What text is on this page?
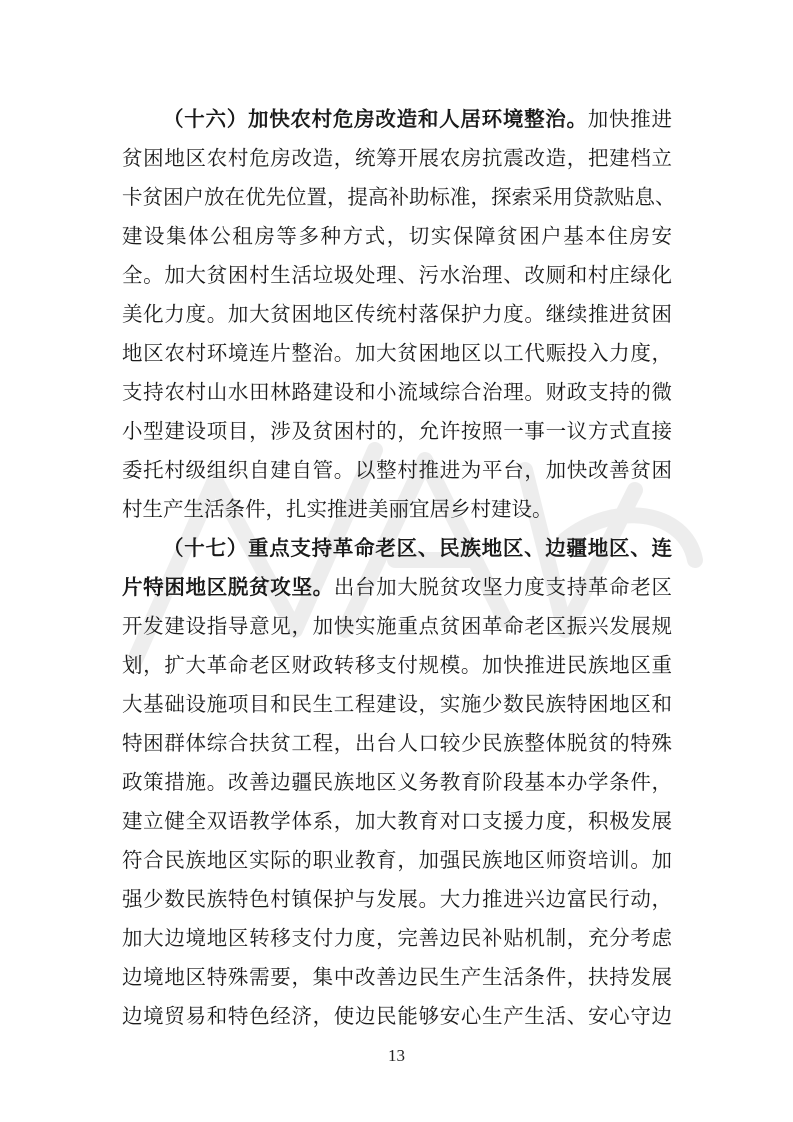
（十六）加快农村危房改造和人居环境整治。加快推进
贫困地区农村危房改造，统筹开展农房抗震改造，把建档立
卡贫困户放在优先位置，提高补助标准，探索采用贷款贴息、
建设集体公租房等多种方式，切实保障贫困户基本住房安
全。加大贫困村生活垃圾处理、污水治理、改厕和村庄绿化
美化力度。加大贫困地区传统村落保护力度。继续推进贫困
地区农村环境连片整治。加大贫困地区以工代赈投入力度，
支持农村山水田林路建设和小流域综合治理。财政支持的微
小型建设项目，涉及贫困村的，允许按照一事一议方式直接
委托村级组织自建自管。以整村推进为平台，加快改善贫困
村生产生活条件，扎实推进美丽宜居乡村建设。
（十七）重点支持革命老区、民族地区、边疆地区、连
片特困地区脱贫攻坚。出台加大脱贫攻坚力度支持革命老区
开发建设指导意见，加快实施重点贫困革命老区振兴发展规
划，扩大革命老区财政转移支付规模。加快推进民族地区重
大基础设施项目和民生工程建设，实施少数民族特困地区和
特困群体综合扶贫工程，出台人口较少民族整体脱贫的特殊
政策措施。改善边疆民族地区义务教育阶段基本办学条件，
建立健全双语教学体系，加大教育对口支援力度，积极发展
符合民族地区实际的职业教育，加强民族地区师资培训。加
强少数民族特色村镇保护与发展。大力推进兴边富民行动，
加大边境地区转移支付力度，完善边民补贴机制，充分考虑
边境地区特殊需要，集中改善边民生产生活条件，扶持发展
边境贸易和特色经济，使边民能够安心生产生活、安心守边
13
